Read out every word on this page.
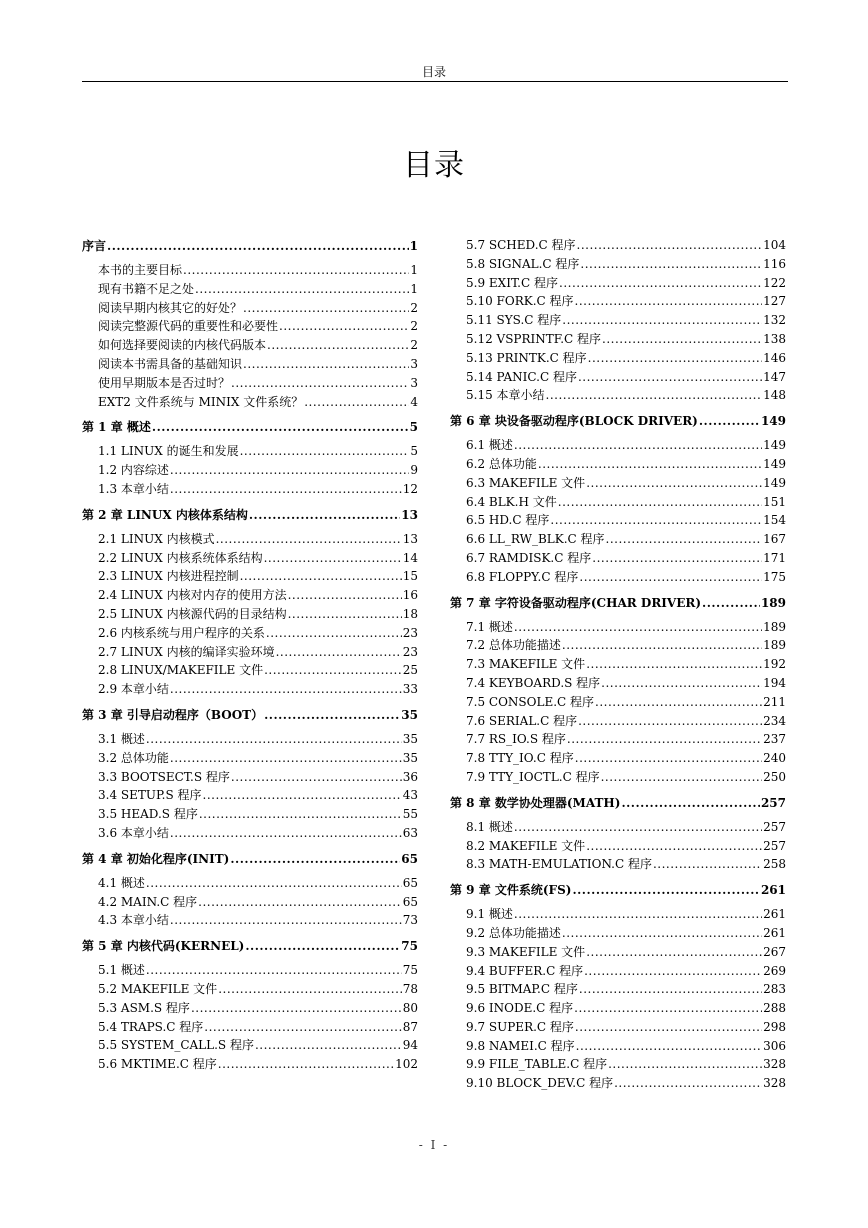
目录
目录
序言 .....	1
本书的主要目标 .....	1
现有书籍不足之处 .....	1
阅读早期内核其它的好处？ .....	2
阅读完整源代码的重要性和必要性 .....	2
如何选择要阅读的内核代码版本 .....	2
阅读本书需具备的基础知识 .....	3
使用早期版本是否过时？ .....	3
EXT2 文件系统与 MINIX 文件系统？ .....	4
第 1 章 概述 .....	5
1.1 LINUX 的诞生和发展 .....	5
1.2 内容综述 .....	9
1.3 本章小结 .....	12
第 2 章 LINUX 内核体系结构 .....	13
2.1 LINUX 内核模式 .....	13
2.2 LINUX 内核系统体系结构 .....	14
2.3 LINUX 内核进程控制 .....	15
2.4 LINUX 内核对内存的使用方法 .....	16
2.5 LINUX 内核源代码的目录结构 .....	18
2.6 内核系统与用户程序的关系 .....	23
2.7 LINUX 内核的编译实验环境 .....	23
2.8 LINUX/MAKEFILE 文件 .....	25
2.9 本章小结 .....	33
第 3 章 引导启动程序（BOOT） .....	35
3.1 概述 .....	35
3.2 总体功能 .....	35
3.3 BOOTSECT.S 程序 .....	36
3.4 SETUP.S 程序 .....	43
3.5 HEAD.S 程序 .....	55
3.6 本章小结 .....	63
第 4 章 初始化程序(INIT) .....	65
4.1 概述 .....	65
4.2 MAIN.C 程序 .....	65
4.3 本章小结 .....	73
第 5 章 内核代码(KERNEL) .....	75
5.1 概述 .....	75
5.2 MAKEFILE 文件 .....	78
5.3 ASM.S 程序 .....	80
5.4 TRAPS.C 程序 .....	87
5.5 SYSTEM_CALL.S 程序 .....	94
5.6 MKTIME.C 程序 .....	102
5.7 SCHED.C 程序 .....	104
5.8 SIGNAL.C 程序 .....	116
5.9 EXIT.C 程序 .....	122
5.10 FORK.C 程序 .....	127
5.11 SYS.C 程序 .....	132
5.12 VSPRINTF.C 程序 .....	138
5.13 PRINTK.C 程序 .....	146
5.14 PANIC.C 程序 .....	147
5.15 本章小结 .....	148
第 6 章 块设备驱动程序(BLOCK DRIVER) .....	149
6.1 概述 .....	149
6.2 总体功能 .....	149
6.3 MAKEFILE 文件 .....	149
6.4 BLK.H 文件 .....	151
6.5 HD.C 程序 .....	154
6.6 LL_RW_BLK.C 程序 .....	167
6.7 RAMDISK.C 程序 .....	171
6.8 FLOPPY.C 程序 .....	175
第 7 章 字符设备驱动程序(CHAR DRIVER) .....	189
7.1 概述 .....	189
7.2 总体功能描述 .....	189
7.3 MAKEFILE 文件 .....	192
7.4 KEYBOARD.S 程序 .....	194
7.5 CONSOLE.C 程序 .....	211
7.6 SERIAL.C 程序 .....	234
7.7 RS_IO.S 程序 .....	237
7.8 TTY_IO.C 程序 .....	240
7.9 TTY_IOCTL.C 程序 .....	250
第 8 章 数学协处理器(MATH) .....	257
8.1 概述 .....	257
8.2 MAKEFILE 文件 .....	257
8.3 MATH-EMULATION.C 程序 .....	258
第 9 章 文件系统(FS) .....	261
9.1 概述 .....	261
9.2 总体功能描述 .....	261
9.3 MAKEFILE 文件 .....	267
9.4 BUFFER.C 程序 .....	269
9.5 BITMAP.C 程序 .....	283
9.6 INODE.C 程序 .....	288
9.7 SUPER.C 程序 .....	298
9.8 NAMEI.C 程序 .....	306
9.9 FILE_TABLE.C 程序 .....	328
9.10 BLOCK_DEV.C 程序 .....	328
- I -
